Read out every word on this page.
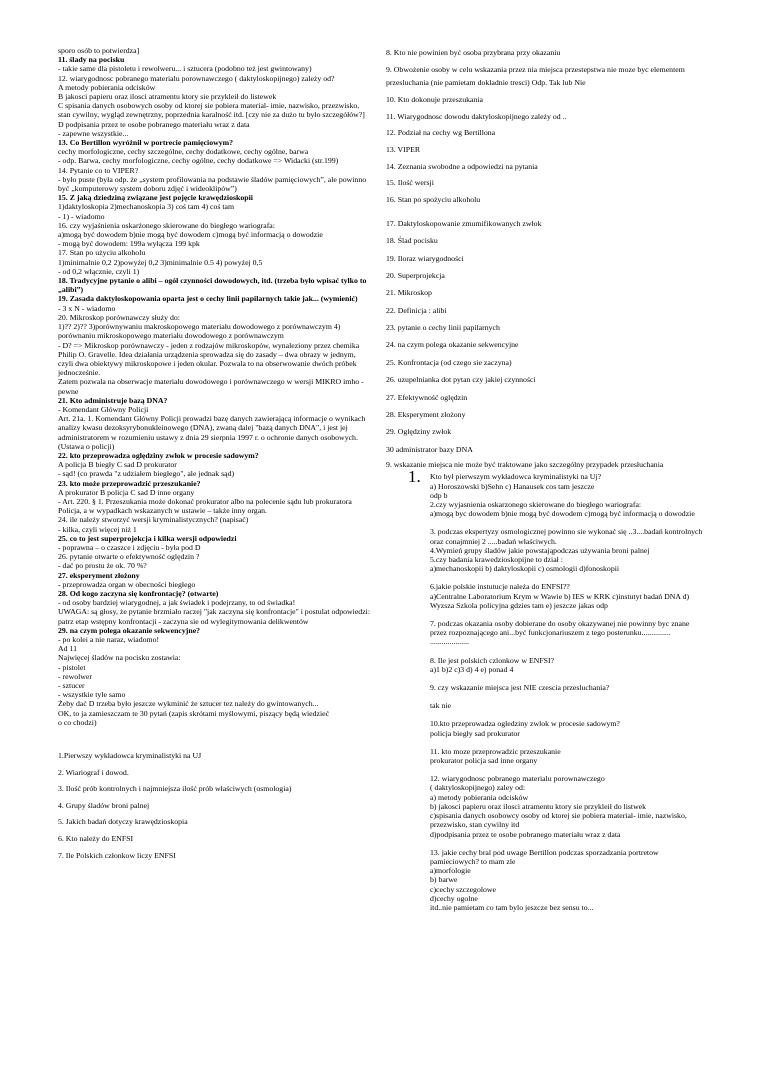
sporo osób to potwierdza]

11. ślady na pocisku

- takie same dla pistoletu i rewolweru... i sztucera (podobno też jest gwintowany)

12. wiarygodnosc pobranego materialu porownawczego ( daktyloskopijnego) zależy od?

A metody pobierania odcisków

B jakosci papieru oraz ilosci atramentu ktory sie przykleił do listewek

C spisania danych osobowych osoby od ktorej sie pobiera material- imie, nazwisko, przezwisko, stan cywilny, wygląd zewnętrzny, poprzednia karalność itd. [czy nie za dużo tu było szczegółów?]

D podpisania przez te osobe pobranego materiału wraz z data

- zapewne wszystkie...

13. Co Bertillon wyróżnił w portrecie pamięciowym?

cechy morfologiczne, cechy szczególne, cechy dodatkowe, cechy ogólne, barwa

- odp. Barwa, cechy morfologiczne, cechy ogólne, cechy dodatkowe => Widacki (str.199)

14. Pytanie co to VIPER?

- było puste (była odp. że „system profilowania na podstawie śladów pamięciowych”, ale powinno być „komputerowy system doboru zdjęć i wideoklipów”)

15. Z jaką dziedziną związane jest pojęcie krawędzioskopii

1)daktyloskopia 2)mechanoskopia 3) coś tam 4) coś tam

- 1) - wiadomo

16. czy wyjaśnienia oskarżonego skierowane do biegłego wariografa:

a)mogą być dowodem b)nie mogą być dowodem c)mogą być informacją o dowodzie

- mogą być dowodem: 199a wyłącza 199 kpk

17. Stan po użyciu alkoholu

1)minimalnie 0,2 2)powyżej 0,2 3)minimalnie 0.5 4) powyżej 0,5

- od 0,2 włącznie, czyli 1)

18. Tradycyjne pytanie o alibi – ogół czynności dowodowych, itd. (trzeba było wpisać tylko to „alibi”)

19. Zasada daktyloskopowania oparta jest o cechy linii papilarnych takie jak... (wymienić)

- 3 x N - wiadomo

20. Mikroskop porównawczy służy do:

1)?? 2)?? 3)porównywaniu makroskopowego materiału dowodowego z porównawczym 4) porównaniu mikroskopowego materiału dowodowego z porównawczym

- D? => Mikroskop porównawczy - jeden z rodzajów mikroskopów, wynaleziony przez chemika Philip O. Gravelle. Idea działania urządzenia sprowadza się do zasady – dwa obrazy w jednym, czyli dwa obiektywy mikroskopowe i jeden okular. Pozwala to na obserwowanie dwóch próbek jednocześnie.

Zatem pozwala na obserwacje materiału dowodowego i porównawczego w wersji MIKRO imho - pewne

21. Kto administruje bazą DNA?

- Komendant Główny Policji

Art. 21a. 1. Komendant Główny Policji prowadzi bazę danych zawierającą informacje o wynikach analizy kwasu dezoksyrybonukleinowego (DNA), zwaną dalej "bazą danych DNA", i jest jej administratorem w rozumieniu ustawy z dnia 29 sierpnia 1997 r. o ochronie danych osobowych. (Ustawa o policji)

22. kto przeprowadza oględziny zwłok w procesie sadowym?

A policja B biegły C sad D prokurator

- sąd! (co prawda "z udziałem biegłego", ale jednak sąd)

23. kto może przeprowadzić przeszukanie?

A prokurator B policja C sad D inne organy

- Art. 220. § 1. Przeszukania może dokonać prokurator albo na polecenie sądu lub prokuratora Policja, a w wypadkach wskazanych w ustawie – także inny organ.

24. ile należy stworzyć wersji kryminalistycznych? (napisać)

- kilka, czyli więcej niż 1

25. co to jest superprojekcja i kilka wersji odpowiedzi

- poprawna – o czaszce i zdjęciu - była pod D

26. pytanie otwarte o efektywność oględzin ?

- dać po prostu że ok. 70 %?

27. eksperyment złożony

- przeprowadza organ w obecności biegłego

28. Od kogo zaczyna się konfrontację? (otwarte)

- od osoby bardziej wiarygodnej, a jak świadek i podejrzany, to od świadka!

UWAGA: są głosy, że pytanie brzmiało raczej "jak zaczyna się konfrontacje" i postulat odpowiedzi: patrz etap wstępny konfrontacji - zaczyna sie od wylegitymowania delikwentów

29. na czym polega okazanie sekwencyjne?

- po kolei a nie naraz, wiadomo!

Ad 11

Najwięcej śladów na pocisku zostawia:

- pistolet

- rewolwer

- sztucer

- wszystkie tyle samo

Żeby dać D trzeba było jeszcze wykminić że sztucer tez należy do gwintowanych...

OK, to ja zamieszczam te 30 pytań (zapis skrótami myślowymi, piszący będą wiedzieć

o co chodzi)

1.Pierwszy wykładowca kryminalistyki na UJ

2. Wiariograf i dowod.

3. Ilość prób kontrolnych i najmniejsza ilość prób właściwych (osmologia)

4. Grupy śladów broni palnej

5. Jakich badań dotyczy krawędzioskopia

6. Kto należy do ENFSI

7. Ile Polskich członkow liczy ENFSI

8. Kto nie powinien być osoba przybrana przy okazaniu

9. Obwożenie osoby w celu wskazania przez nia miejsca przestepstwa nie moze byc elementem przesluchania (nie pamietam dokladnie tresci) Odp. Tak lub Nie

10. Kto dokonuje przeszukania

11. Wiarygodnosc dowodu daktyloskopijnego zależy od ..

12. Podział na cechy wg Bertillona

13. VIPER

14. Zeznania swobodne a odpowiedzi na pytania

15. Ilość wersji

16. Stan po spożyciu alkoholu

17. Daktyloskopowanie zmumifikowanych zwłok

18. Ślad pocisku

19. Iloraz wiarygodności

20. Superprojekcja

21. Mikroskop

22. Definicja : alibi

23. pytanie o cechy linii papilarnych

24. na czym polega okazanie sekwencyjne

25. Konfrontacja (od czego sie zaczyna)

26. uzupelnianka dot pytan czy jakiej czynności

27. Efektywność oględzin

28. Eksperyment złożony

29. Oględziny zwłok

30 administrator bazy DNA

9. wskazanie miejsca nie może być traktowane jako szczególny przypadek przesłuchania

1. Kto był pierwszym wykładowca kryminalistyki na Uj?

a) Horoszowski b)Sehn c) Hanausek cos tam jeszcze

odp b

2.czy wyjasnienia oskarzonego skierowane do biegłego wariografa:

a)mogą byc dowodem b)nie mogą być dowodem c)mogą być informacją o dowodzie

3. podczas ekspertyzy osmologicznej powinno sie wykonać się ..3....badań kontrolnych oraz conajmniej 2 .....badań właściwych.

4.Wymień grupy śladów jakie powstająpodczas używania broni palnej

5.czy badania krawedzioskopijne to dział :

a)mechanoskopii b) daktyloskopii c) osmologii d)fonoskopii

6.jakie polskie instutucje należa do ENFSI??

a)Centralne Laboratorium Krym w Wawie b) IES w KRK c)instutyt badań DNA d) Wyzsza Szkola policyjna gdzies tam e) jeszcze jakas odp

7. podczas okazania osoby dobierane do osoby okazywanej nie powinny byc znane przez rozpoznającego ani...być funkcjonariuszem z tego posterunku...............

....................

8. Ile jest polskich czlonkow w ENFSI?

a)1 b)2 c)3 d) 4 e) ponad 4

9. czy wskazanie miejsca jest NIE czescia przesluchania?

tak nie

10.kto przeprowadza ogledziny zwlok w procesie sadowym?

policja biegły sad prokurator

11. kto moze przeprowadzic przeszukanie

prokurator policja sad inne organy

12. wiarygodnosc pobranego materialu porownawczego

( daktyloskopijnego) zaley od:

a) metody pobierania odcisków

b) jakosci papieru oraz ilosci atramentu ktory sie przykleił do listwek

c)spisania danych osobowcy osoby od ktorej sie pobiera material- imie, nazwisko, przezwisko, stan cywilny itd

d)podpisania przez te osobe pobranego materiału wraz z data

13. jakie cechy bral pod uwage Bertillon podczas sporzadzania portretow pamieciowych? to mam zle

a)morfologie

b) barwe

c)cechy szczegolowe

d)cechy ogolne

itd..nie pamietam co tam bylo jeszcze bez sensu to...
